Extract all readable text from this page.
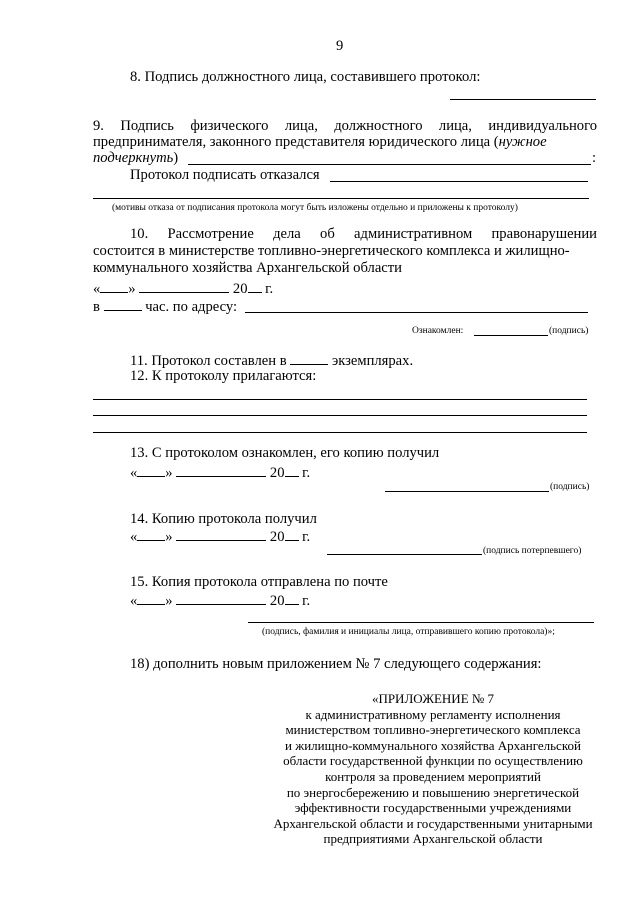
9
8. Подпись должностного лица, составившего протокол:
9. Подпись физического лица, должностного лица, индивидуального
предпринимателя, законного представителя юридического лица (нужное
подчеркнуть)	:
Протокол подписать отказался
(мотивы отказа от подписания протокола могут быть изложены отдельно и приложены к протоколу)
10. Рассмотрение дела об административном правонарушении
состоится в министерстве топливно-энергетического комплекса и жилищно-
коммунального хозяйства Архангельской области
« »	20 г.
в	час. по адресу:
Ознакомлен:	(подпись)
11. Протокол составлен в	экземплярах.
12. К протоколу прилагаются:
13. С протоколом ознакомлен, его копию получил
« »	20 г.
(подпись)
14. Копию протокола получил
« »	20 г.
(подпись потерпевшего)
15. Копия протокола отправлена по почте
« »	20 г.
(подпись, фамилия и инициалы лица, отправившего копию протокола)»;
18) дополнить новым приложением № 7 следующего содержания:
«ПРИЛОЖЕНИЕ № 7
к административному регламенту исполнения
министерством топливно-энергетического комплекса
и жилищно-коммунального хозяйства Архангельской
области государственной функции по осуществлению
контроля за проведением мероприятий
по энергосбережению и повышению энергетической
эффективности государственными учреждениями
Архангельской области и государственными унитарными
предприятиями Архангельской области
